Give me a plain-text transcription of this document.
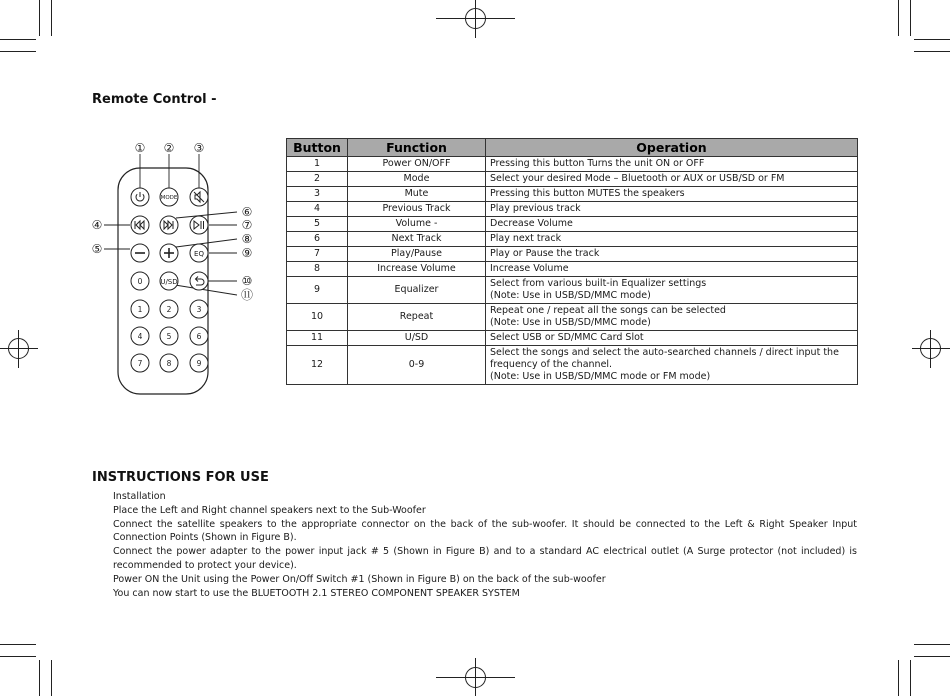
Remote Control -
① ② ③
④
⑤
⑥
⑦
⑧
⑨
⑩
⑪
MODE
EQ
U/SD
0
1	2	3
4	5	6
7	8	9
Button	Function	Operation
1	Power ON/OFF	Pressing this button Turns the unit ON or OFF

2	Mode	Select your desired Mode – Bluetooth or AUX or USB/SD or FM

3	Mute	Pressing this button MUTES the speakers

4	Previous Track	Play previous track

5	Volume -	Decrease Volume

6	Next Track	Play next track

7	Play/Pause	Play or Pause the track

8	Increase Volume	Increase Volume

9	Equalizer	Select from various built-in Equalizer settings
(Note: Use in USB/SD/MMC mode)

10	Repeat	Repeat one / repeat all the songs can be selected
(Note: Use in USB/SD/MMC mode)

11	U/SD	Select USB or SD/MMC Card Slot

12	0-9	Select the songs and select the auto-searched channels / direct input the frequency of the channel.
(Note: Use in USB/SD/MMC mode or FM mode)
INSTRUCTIONS FOR USE

Installation

Place the Left and Right channel speakers next to the Sub-Woofer

Connect the satellite speakers to the appropriate connector on the back of the sub-woofer. It should be connected to the Left & Right Speaker Input Connection Points (Shown in Figure B).

Connect the power adapter to the power input jack # 5 (Shown in Figure B) and to a standard AC electrical outlet (A Surge protector (not included) is recommended to protect your device).

Power ON the Unit using the Power On/Off Switch #1 (Shown in Figure B) on the back of the sub-woofer

You can now start to use the BLUETOOTH 2.1 STEREO COMPONENT SPEAKER SYSTEM
